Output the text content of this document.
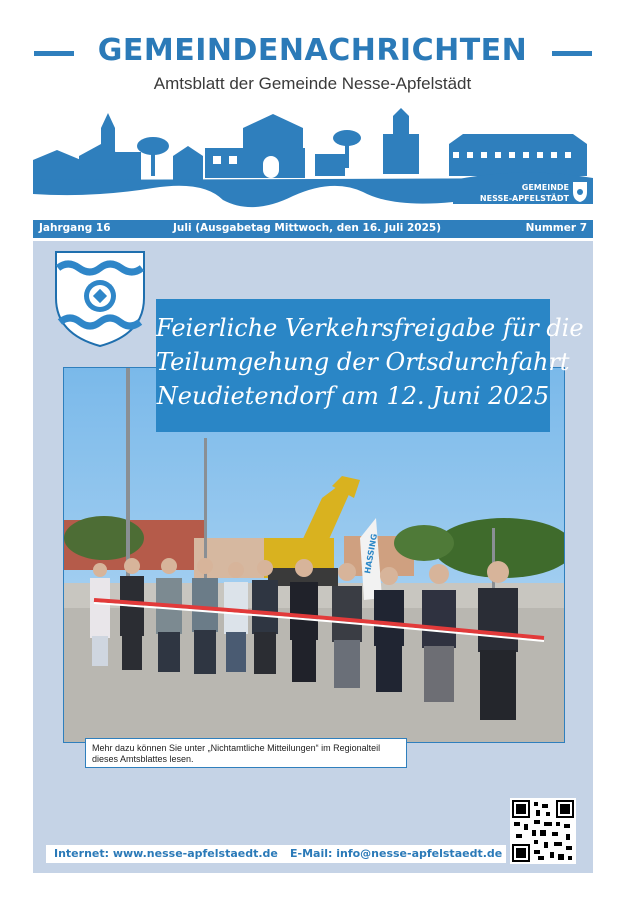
GEMEINDENACHRICHTEN
Amtsblatt der Gemeinde Nesse-Apfelstädt
GEMEINDE
NESSE-APFELSTÄDT
Jahrgang 16	Juli (Ausgabetag Mittwoch, den 16. Juli 2025)	Nummer 7
HASSING
Feierliche Verkehrsfreigabe für die
Teilumgehung der Ortsdurchfahrt
Neudietendorf am 12. Juni 2025
Mehr dazu können Sie unter „Nichtamtliche Mitteilungen“ im Regionalteil
dieses Amtsblattes lesen.
Internet: www.nesse-apfelstaedt.de E-Mail: info@nesse-apfelstaedt.de
